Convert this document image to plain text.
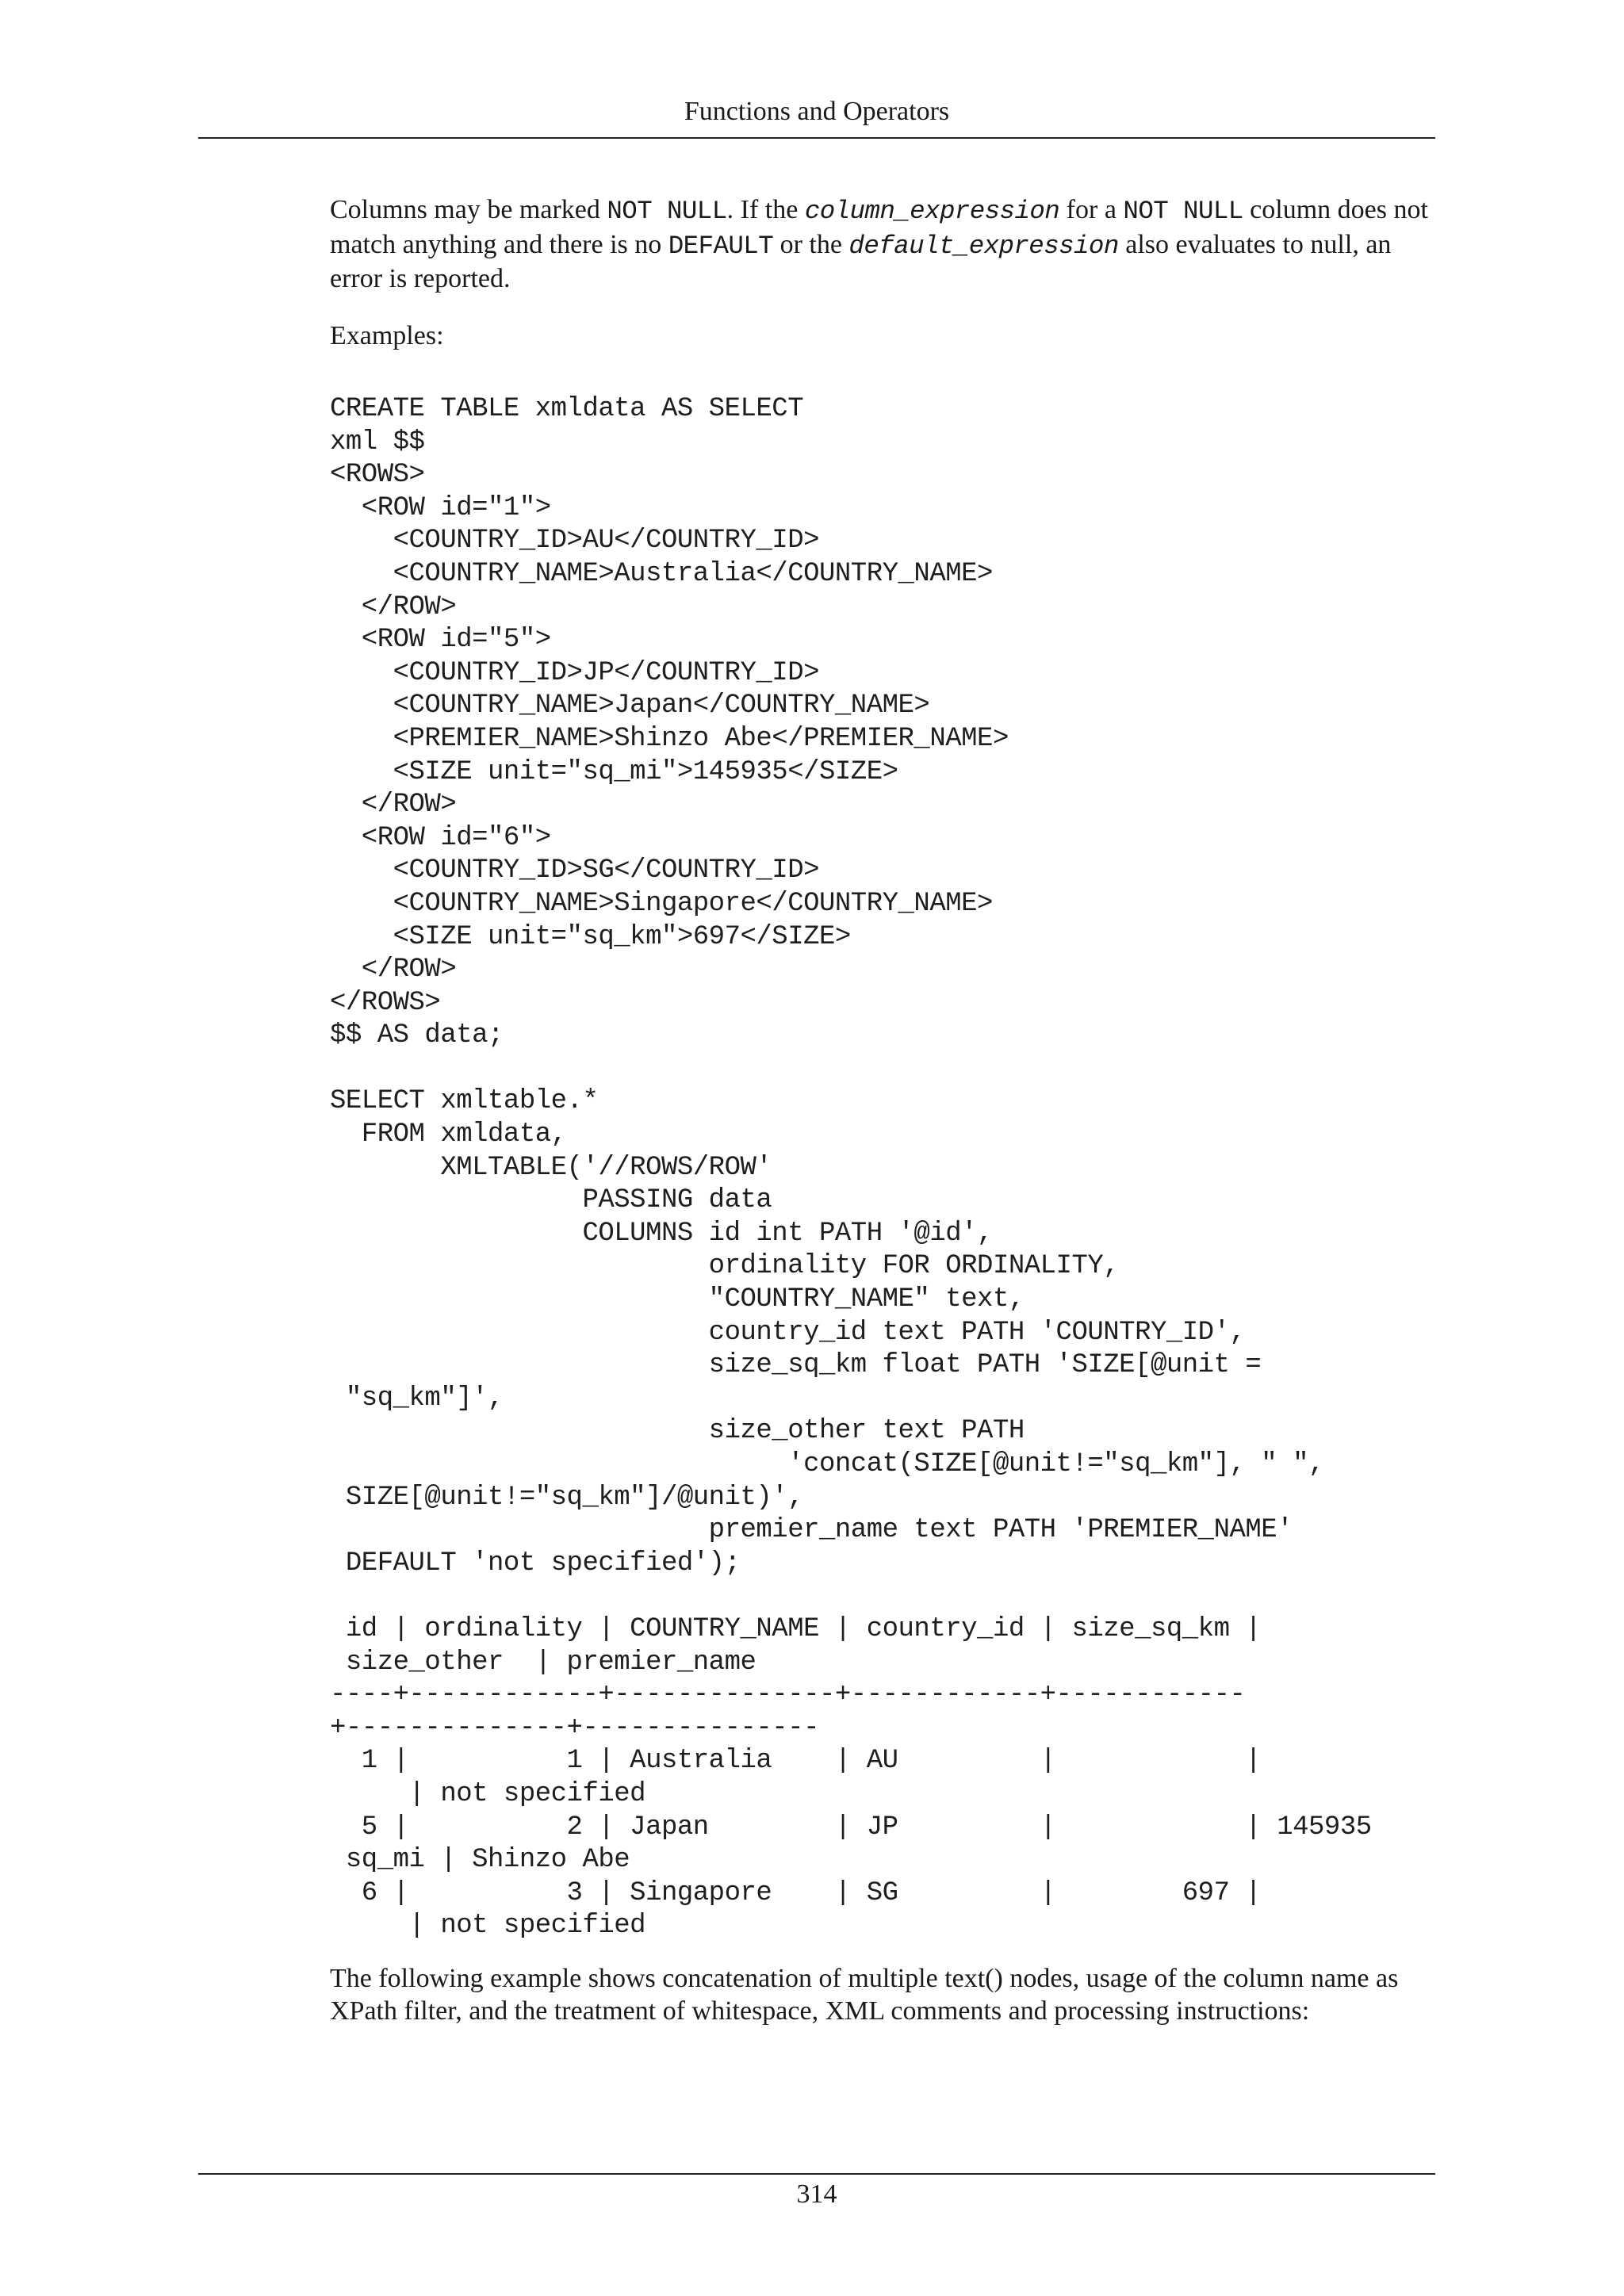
Functions and Operators

Columns may be marked NOT NULL. If the column_expression for a NOT NULL column does not match anything and there is no DEFAULT or the default_expression also evaluates to null, an error is reported.

Examples:

CREATE TABLE xmldata AS SELECT
xml $$
<ROWS>
<ROW id="1">
<COUNTRY_ID>AU</COUNTRY_ID>
<COUNTRY_NAME>Australia</COUNTRY_NAME>
</ROW>
<ROW id="5">
<COUNTRY_ID>JP</COUNTRY_ID>
<COUNTRY_NAME>Japan</COUNTRY_NAME>
<PREMIER_NAME>Shinzo Abe</PREMIER_NAME>
<SIZE unit="sq_mi">145935</SIZE>
</ROW>
<ROW id="6">
<COUNTRY_ID>SG</COUNTRY_ID>
<COUNTRY_NAME>Singapore</COUNTRY_NAME>
<SIZE unit="sq_km">697</SIZE>
</ROW>
</ROWS>
$$ AS data;

SELECT xmltable.*
FROM xmldata,
XMLTABLE('//ROWS/ROW'
PASSING data
COLUMNS id int PATH '@id',
ordinality FOR ORDINALITY,
"COUNTRY_NAME" text,
country_id text PATH 'COUNTRY_ID',
size_sq_km float PATH 'SIZE[@unit =
"sq_km"]',
size_other text PATH
'concat(SIZE[@unit!="sq_km"], " ",
SIZE[@unit!="sq_km"]/@unit)',
premier_name text PATH 'PREMIER_NAME'
DEFAULT 'not specified');

id | ordinality | COUNTRY_NAME | country_id | size_sq_km |
size_other  | premier_name
----+------------+--------------+------------+------------
+--------------+---------------
1 |          1 | Australia    | AU         |            |
| not specified
5 |          2 | Japan        | JP         |            | 145935
sq_mi | Shinzo Abe
6 |          3 | Singapore    | SG         |        697 |
| not specified

The following example shows concatenation of multiple text() nodes, usage of the column name as XPath filter, and the treatment of whitespace, XML comments and processing instructions:

314
